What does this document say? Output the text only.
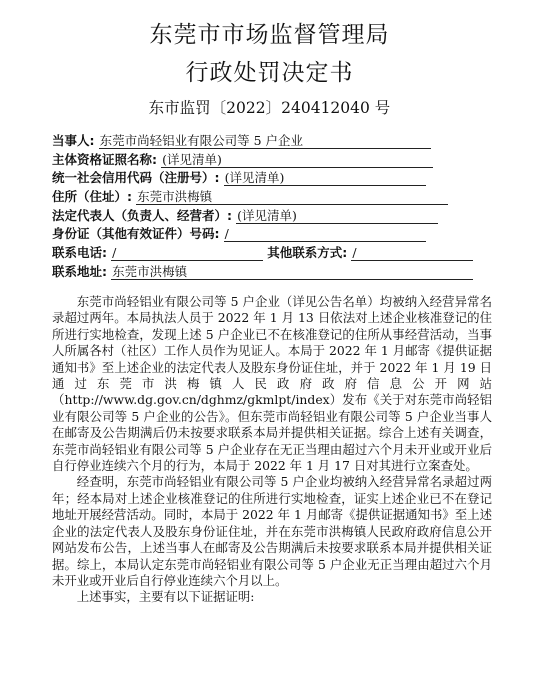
东莞市市场监督管理局
行政处罚决定书
东市监罚〔2022〕240412040 号
当事人: 东莞市尚轻铝业有限公司等 5 户企业
主体资格证照名称: (详见清单)
统一社会信用代码（注册号）: (详见清单)
住所（住址）: 东莞市洪梅镇
法定代表人（负责人、经营者）: (详见清单)
身份证（其他有效证件）号码: /
联系电话: /	其他联系方式: /
联系地址: 东莞市洪梅镇

东莞市尚轻铝业有限公司等 5 户企业（详见公告名单）均被纳入经营异常名录超过两年。本局执法人员于 2022 年 1 月 13 日依法对上述企业核准登记的住所进行实地检查，发现上述 5 户企业已不在核准登记的住所从事经营活动，当事人所属各村（社区）工作人员作为见证人。本局于 2022 年 1 月邮寄《提供证据通知书》至上述企业的法定代表人及股东身份证住址，并于 2022 年 1 月 19 日通过东莞市洪梅镇人民政府政府信息公开网站（http://www.dg.gov.cn/dghmz/gkmlpt/index）发布《关于对东莞市尚轻铝业有限公司等 5 户企业的公告》。但东莞市尚轻铝业有限公司等 5 户企业当事人在邮寄及公告期满后仍未按要求联系本局并提供相关证据。综合上述有关调查，东莞市尚轻铝业有限公司等 5 户企业存在无正当理由超过六个月未开业或开业后自行停业连续六个月的行为，本局于 2022 年 1 月 17 日对其进行立案查处。

经查明，东莞市尚轻铝业有限公司等 5 户企业均被纳入经营异常名录超过两年；经本局对上述企业核准登记的住所进行实地检查，证实上述企业已不在登记地址开展经营活动。同时，本局于 2022 年 1 月邮寄《提供证据通知书》至上述企业的法定代表人及股东身份证住址，并在东莞市洪梅镇人民政府政府信息公开网站发布公告，上述当事人在邮寄及公告期满后未按要求联系本局并提供相关证据。综上，本局认定东莞市尚轻铝业有限公司等 5 户企业无正当理由超过六个月未开业或开业后自行停业连续六个月以上。

上述事实，主要有以下证据证明:
